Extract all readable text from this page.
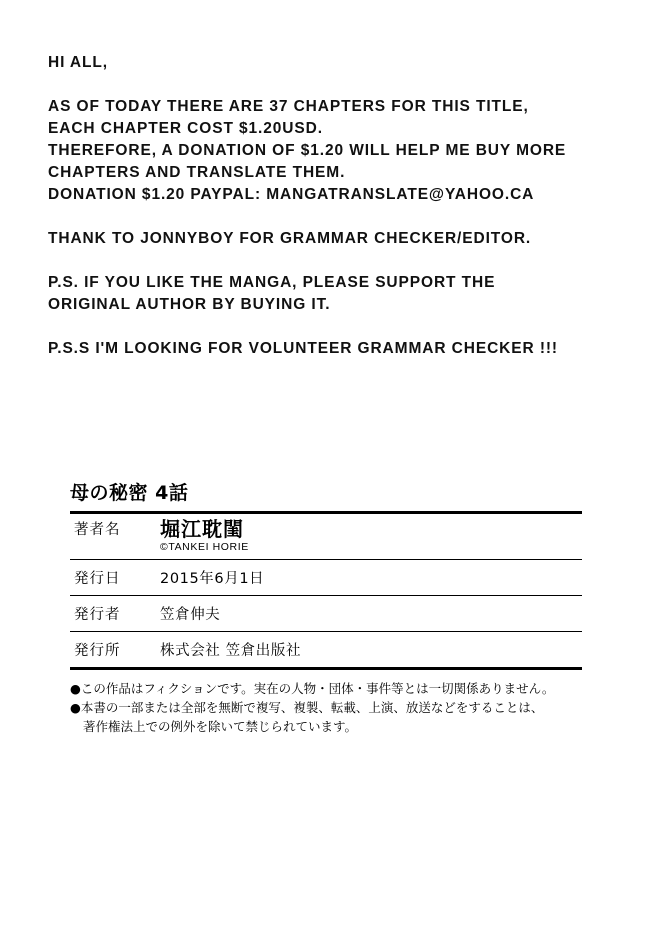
HI ALL,

AS OF TODAY THERE ARE 37 CHAPTERS FOR THIS TITLE,

EACH CHAPTER COST $1.20USD.

THEREFORE, A DONATION OF $1.20 WILL HELP ME BUY MORE

CHAPTERS AND TRANSLATE THEM.

DONATION $1.20 PAYPAL: MANGATRANSLATE@YAHOO.CA

THANK TO JONNYBOY FOR GRAMMAR CHECKER/EDITOR.

P.S. IF YOU LIKE THE MANGA, PLEASE SUPPORT THE

ORIGINAL AUTHOR BY BUYING IT.

P.S.S I'M LOOKING FOR VOLUNTEER GRAMMAR CHECKER !!!

母の秘密 4話
著者名	堀江耽閨
©TANKEI HORIE
発行日	2015年6月1日
発行者	笠倉伸夫
発行所	株式会社 笠倉出版社
●この作品はフィクションです。実在の人物・団体・事件等とは一切関係ありません。
●本書の一部または全部を無断で複写、複製、転載、上演、放送などをすることは、
著作権法上での例外を除いて禁じられています。
